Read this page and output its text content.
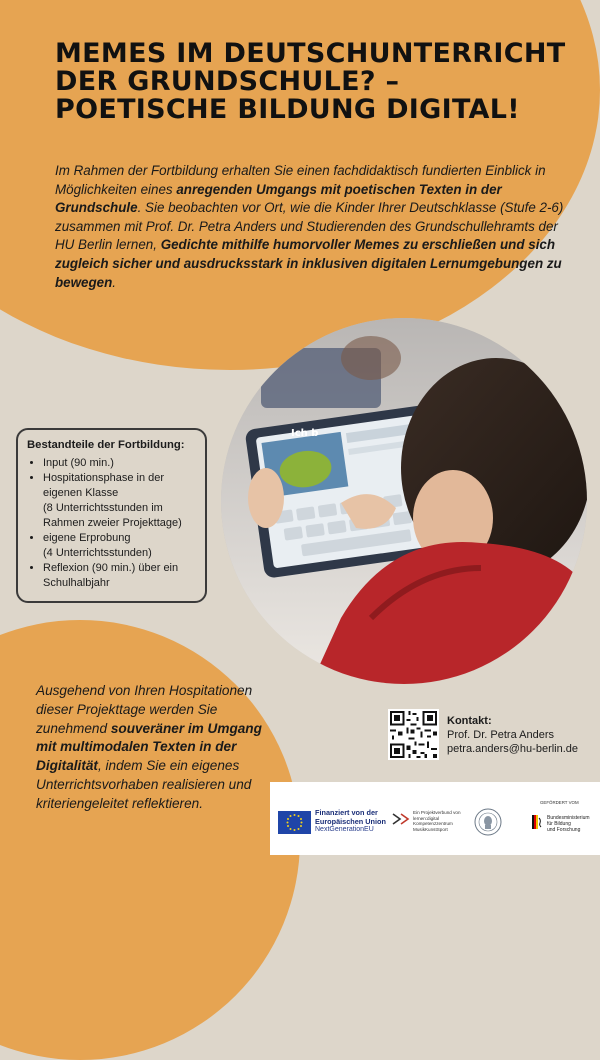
MEMES IM DEUTSCHUNTERRICHT DER GRUNDSCHULE? – POETISCHE BILDUNG DIGITAL!

Im Rahmen der Fortbildung erhalten Sie einen fachdidaktisch fundierten Einblick in Möglichkeiten eines anregenden Umgangs mit poetischen Texten in der Grundschule. Sie beobachten vor Ort, wie die Kinder Ihrer Deutschklasse (Stufe 2-6) zusammen mit Prof. Dr. Petra Anders und Studierenden des Grundschullehramts der HU Berlin lernen, Gedichte mithilfe humorvoller Memes zu erschließen und sich zugleich sicher und ausdrucksstark in inklusiven digitalen Lernumgebungen zu bewegen.

Ich b
Bestandteile der Fortbildung:
• Input (90 min.)
• Hospitationsphase in der eigenen Klasse
(8 Unterrichtsstunden im Rahmen zweier Projekttage)
• eigene Erprobung
(4 Unterrichtsstunden)
• Reflexion (90 min.) über ein Schulhalbjahr

Ausgehend von Ihren Hospitationen dieser Projekttage werden Sie zunehmend souveräner im Umgang mit multimodalen Texten in der Digitalität, indem Sie ein eigenes Unterrichtsvorhaben realisieren und kriteriengeleitet reflektieren.

Kontakt:
Prof. Dr. Petra Anders
petra.anders@hu-berlin.de
Finanziert von der
Europäischen Union
NextGenerationEU
Ein Projektverbund von
lernen:digital
Kompetenzzentrum
MusikKunstSport
GEFÖRDERT VOM
Bundesministerium
für Bildung
und Forschung
